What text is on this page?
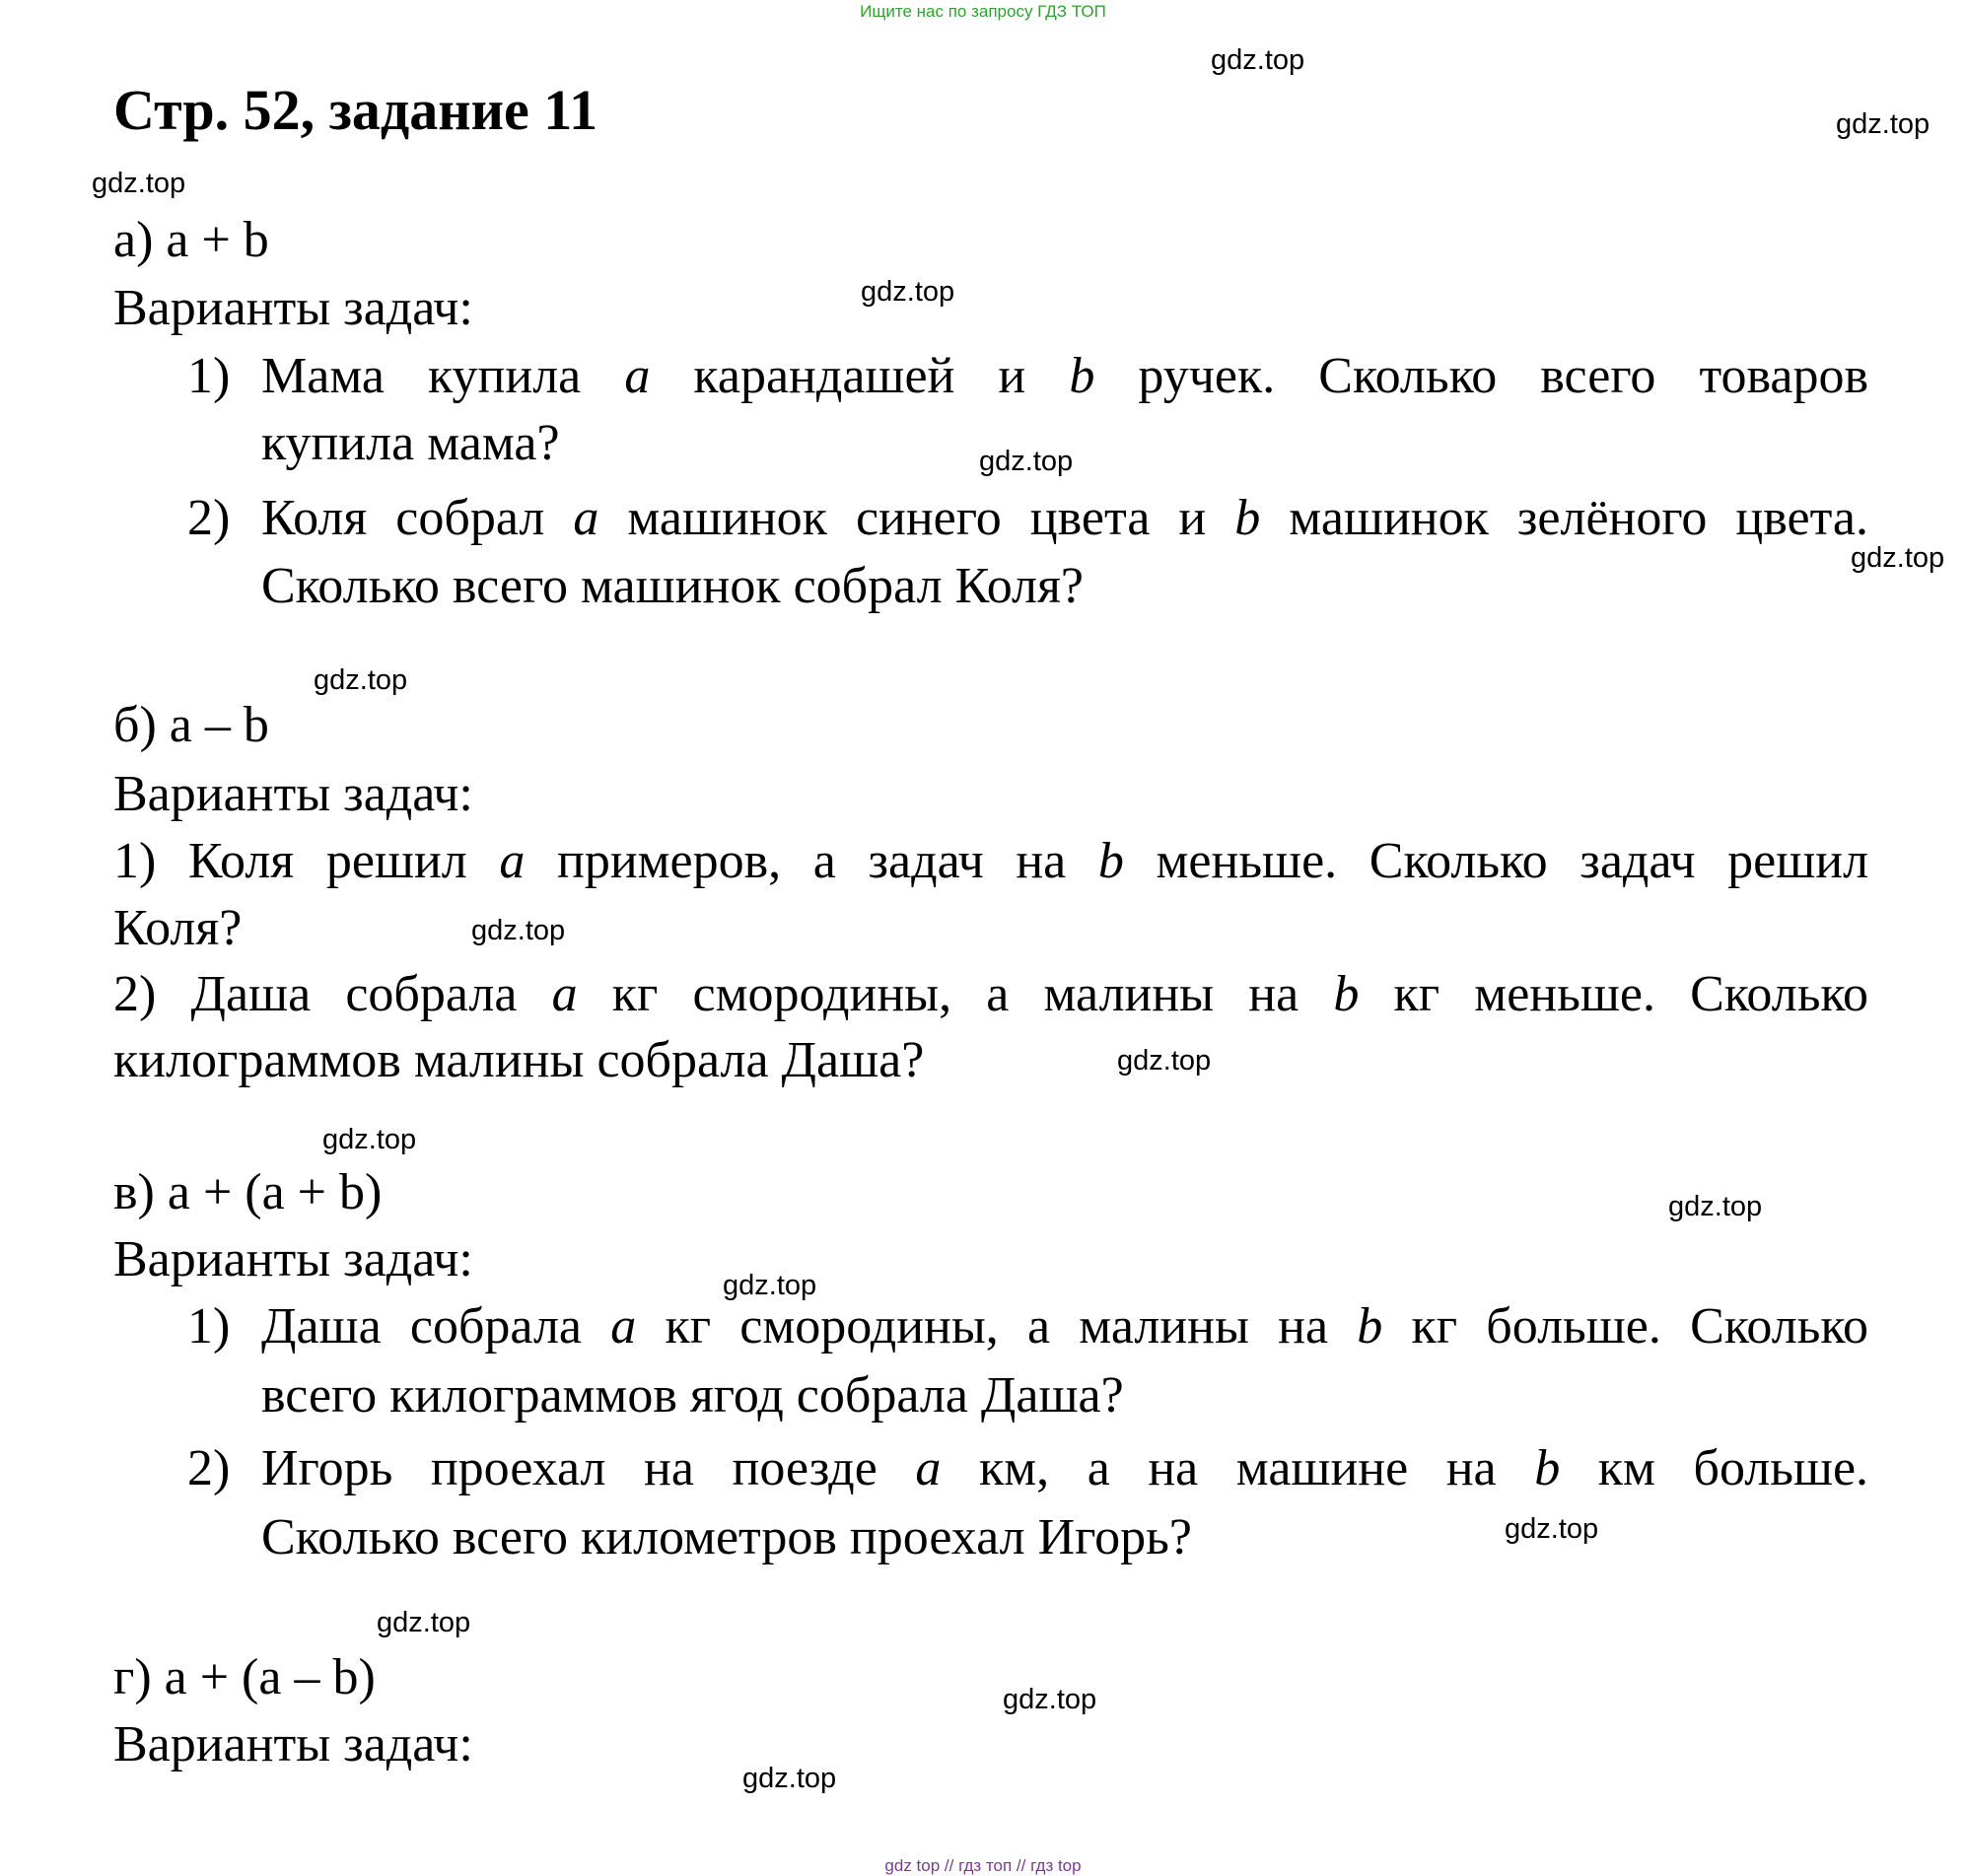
Ищите нас по запросу ГДЗ ТОП
Стр. 52, задание 11
а) a + b
Варианты задач:
1) Мама купила a карандашей и b ручек. Сколько всего товаров
купила мама?
2) Коля собрал a машинок синего цвета и b машинок зелёного цвета.
Сколько всего машинок собрал Коля?
б) a – b
Варианты задач:
1) Коля решил a примеров, а задач на b меньше. Сколько задач решил
Коля?
2) Даша собрала a кг смородины, а малины на b кг меньше. Сколько
килограммов малины собрала Даша?
в) a + (a + b)
Варианты задач:
1) Даша собрала a кг смородины, а малины на b кг больше. Сколько
всего килограммов ягод собрала Даша?
2) Игорь проехал на поезде a км, а на машине на b км больше.
Сколько всего километров проехал Игорь?
г) a + (a – b)
Варианты задач:
gdz.top
gdz.top
gdz.top
gdz.top
gdz.top
gdz.top
gdz.top
gdz.top
gdz.top
gdz.top
gdz.top
gdz.top
gdz.top
gdz.top
gdz.top
gdz.top
gdz top // гдз топ // гдз top
